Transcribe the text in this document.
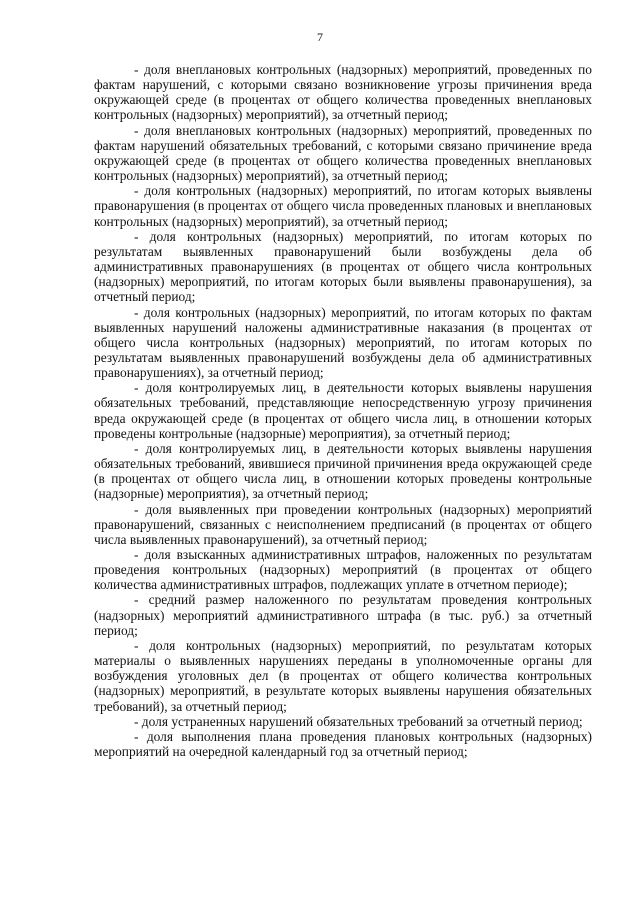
7

- доля внеплановых контрольных (надзорных) мероприятий, проведенных по фактам нарушений, с которыми связано возникновение угрозы причинения вреда окружающей среде (в процентах от общего количества проведенных внеплановых контрольных (надзорных) мероприятий), за отчетный период;

- доля внеплановых контрольных (надзорных) мероприятий, проведенных по фактам нарушений обязательных требований, с которыми связано причинение вреда окружающей среде (в процентах от общего количества проведенных внеплановых контрольных (надзорных) мероприятий), за отчетный период;

- доля контрольных (надзорных) мероприятий, по итогам которых выявлены правонарушения (в процентах от общего числа проведенных плановых и внеплановых контрольных (надзорных) мероприятий), за отчетный период;

- доля контрольных (надзорных) мероприятий, по итогам которых по результатам выявленных правонарушений были возбуждены дела об административных правонарушениях (в процентах от общего числа контрольных (надзорных) мероприятий, по итогам которых были выявлены правонарушения), за отчетный период;

- доля контрольных (надзорных) мероприятий, по итогам которых по фактам выявленных нарушений наложены административные наказания (в процентах от общего числа контрольных (надзорных) мероприятий, по итогам которых по результатам выявленных правонарушений возбуждены дела об административных правонарушениях), за отчетный период;

- доля контролируемых лиц, в деятельности которых выявлены нарушения обязательных требований, представляющие непосредственную угрозу причинения вреда окружающей среде (в процентах от общего числа лиц, в отношении которых проведены контрольные (надзорные) мероприятия), за отчетный период;

- доля контролируемых лиц, в деятельности которых выявлены нарушения обязательных требований, явившиеся причиной причинения вреда окружающей среде (в процентах от общего числа лиц, в отношении которых проведены контрольные (надзорные) мероприятия), за отчетный период;

- доля выявленных при проведении контрольных (надзорных) мероприятий правонарушений, связанных с неисполнением предписаний (в процентах от общего числа выявленных правонарушений), за отчетный период;

- доля взысканных административных штрафов, наложенных по результатам проведения контрольных (надзорных) мероприятий (в процентах от общего количества административных штрафов, подлежащих уплате в отчетном периоде);

- средний размер наложенного по результатам проведения контрольных (надзорных) мероприятий административного штрафа (в тыс. руб.) за отчетный период;

- доля контрольных (надзорных) мероприятий, по результатам которых материалы о выявленных нарушениях переданы в уполномоченные органы для возбуждения уголовных дел (в процентах от общего количества контрольных (надзорных) мероприятий, в результате которых выявлены нарушения обязательных требований), за отчетный период;

- доля устраненных нарушений обязательных требований за отчетный период;

- доля выполнения плана проведения плановых контрольных (надзорных) мероприятий на очередной календарный год за отчетный период;
